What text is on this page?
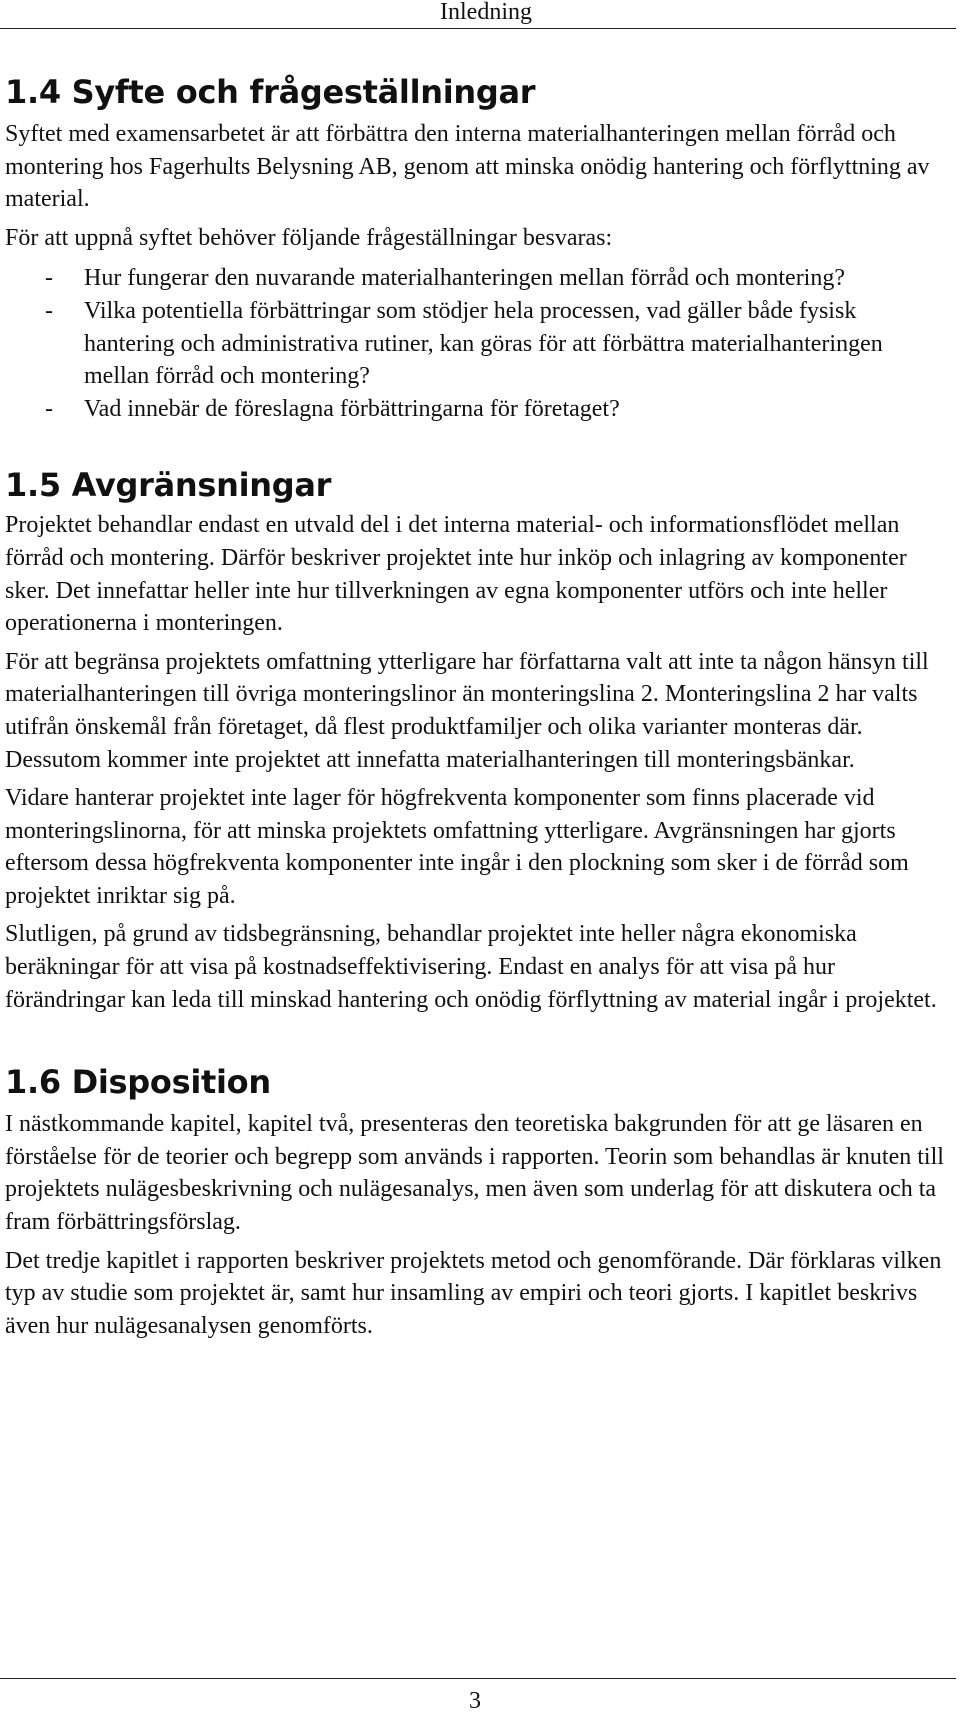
Inledning
1.4 Syfte och frågeställningar

Syftet med examensarbetet är att förbättra den interna materialhanteringen mellan förråd och montering hos Fagerhults Belysning AB, genom att minska onödig hantering och förflyttning av material.

För att uppnå syftet behöver följande frågeställningar besvaras:

- Hur fungerar den nuvarande materialhanteringen mellan förråd och montering?
- Vilka potentiella förbättringar som stödjer hela processen, vad gäller både fysisk hantering och administrativa rutiner, kan göras för att förbättra materialhanteringen mellan förråd och montering?
- Vad innebär de föreslagna förbättringarna för företaget?
1.5 Avgränsningar

Projektet behandlar endast en utvald del i det interna material- och informationsflödet mellan förråd och montering. Därför beskriver projektet inte hur inköp och inlagring av komponenter sker. Det innefattar heller inte hur tillverkningen av egna komponenter utförs och inte heller operationerna i monteringen.

För att begränsa projektets omfattning ytterligare har författarna valt att inte ta någon hänsyn till materialhanteringen till övriga monteringslinor än monteringslina 2. Monteringslina 2 har valts utifrån önskemål från företaget, då flest produktfamiljer och olika varianter monteras där. Dessutom kommer inte projektet att innefatta materialhanteringen till monteringsbänkar.

Vidare hanterar projektet inte lager för högfrekventa komponenter som finns placerade vid monteringslinorna, för att minska projektets omfattning ytterligare. Avgränsningen har gjorts eftersom dessa högfrekventa komponenter inte ingår i den plockning som sker i de förråd som projektet inriktar sig på.

Slutligen, på grund av tidsbegränsning, behandlar projektet inte heller några ekonomiska beräkningar för att visa på kostnadseffektivisering. Endast en analys för att visa på hur förändringar kan leda till minskad hantering och onödig förflyttning av material ingår i projektet.

1.6 Disposition

I nästkommande kapitel, kapitel två, presenteras den teoretiska bakgrunden för att ge läsaren en förståelse för de teorier och begrepp som används i rapporten. Teorin som behandlas är knuten till projektets nulägesbeskrivning och nulägesanalys, men även som underlag för att diskutera och ta fram förbättringsförslag.

Det tredje kapitlet i rapporten beskriver projektets metod och genomförande. Där förklaras vilken typ av studie som projektet är, samt hur insamling av empiri och teori gjorts. I kapitlet beskrivs även hur nulägesanalysen genomförts.

3
